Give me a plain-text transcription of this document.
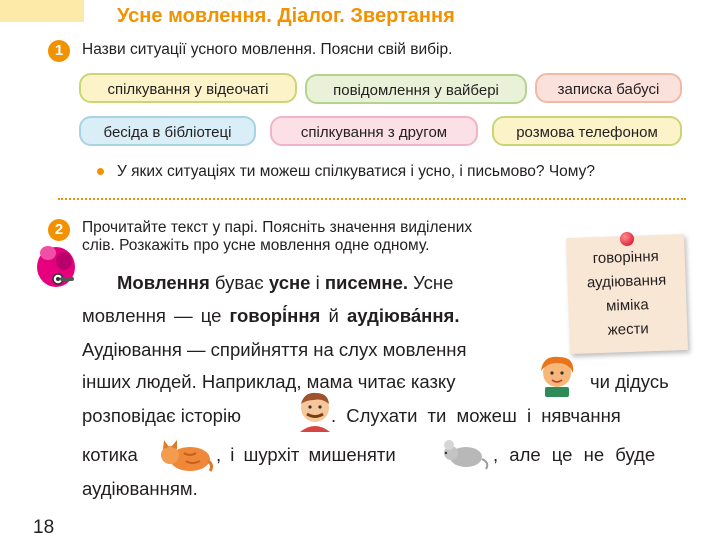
Усне мовлення. Діалог. Звертання
1	Назви ситуації усного мовлення. Поясни свій вибір.
спілкування у відеочаті	повідомлення у вайбері	записка бабусі
бесіда в бібліотеці	спілкування з другом	розмова телефоном
У яких ситуаціях ти можеш спілкуватися і усно, і письмово? Чому?
2	Прочитайте текст у парі. Поясніть значення виділених
слів. Розкажіть про усне мовлення одне одному.
говоріння
аудіювання
міміка
жести
Мовлення буває усне і писемне. Усне
мовлення — це говорі́ння й аудіюва́ння.
Аудіювання — сприйняття на слух мовлення
інших людей. Наприклад, мама читає казку	чи дідусь
розповідає історію	. Слухати ти можеш і нявчання
котика	, і шурхіт мишеняти	, але це не буде
аудіюванням.
18
